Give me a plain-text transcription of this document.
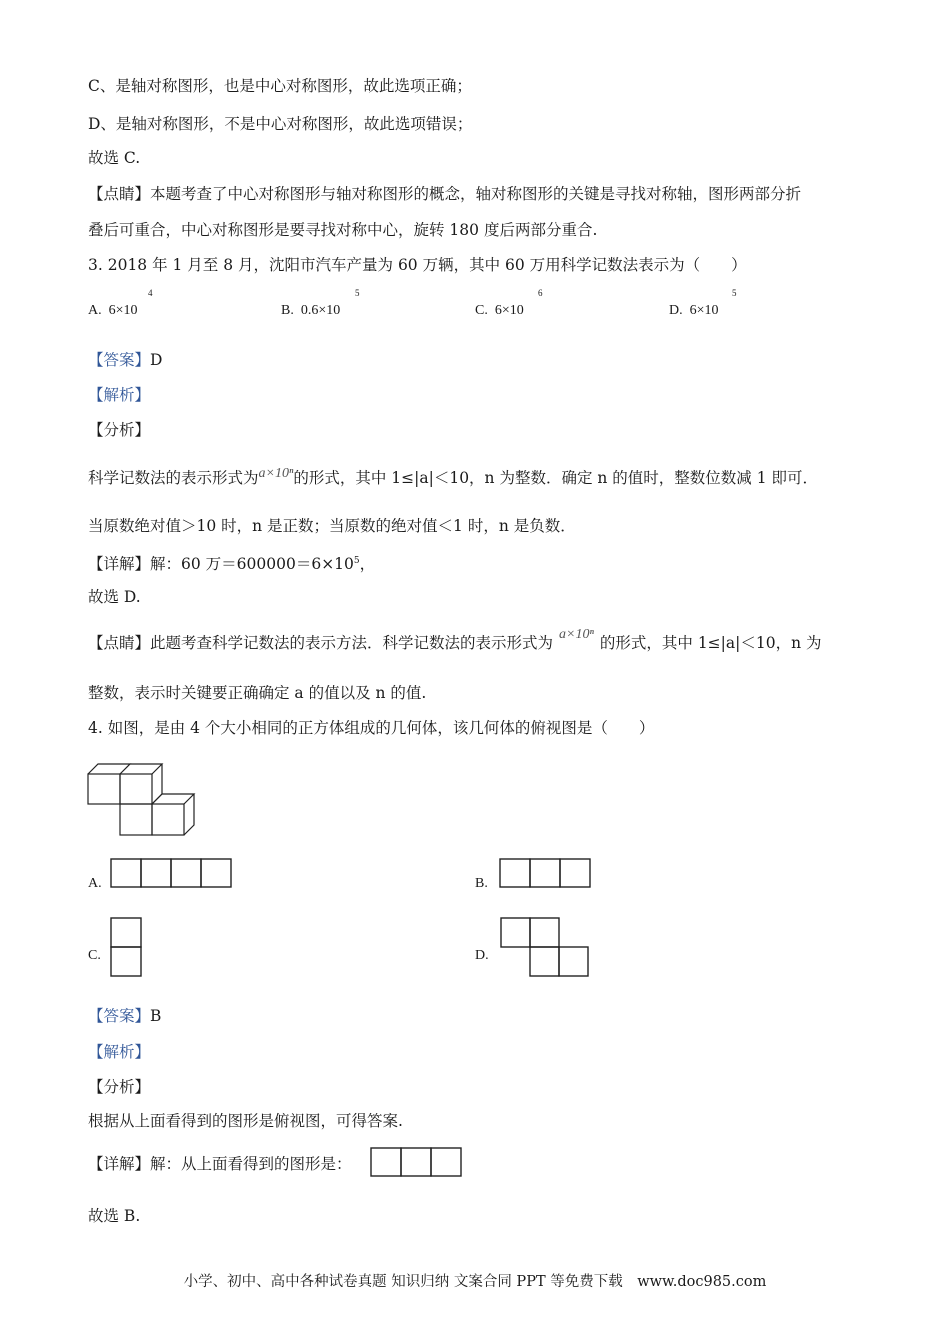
C、是轴对称图形，也是中心对称图形，故此选项正确；
D、是轴对称图形，不是中心对称图形，故此选项错误；
故选 C.
【点睛】本题考查了中心对称图形与轴对称图形的概念，轴对称图形的关键是寻找对称轴，图形两部分折
叠后可重合，中心对称图形是要寻找对称中心，旋转 180 度后两部分重合.
3. 2018 年 1 月至 8 月，沈阳市汽车产量为 60 万辆，其中 60 万用科学记数法表示为（　　）
A. 6×10
4
B. 0.6×10
5
C. 6×10
6
D. 6×10
5
【答案】D
【解析】
【分析】
科学记数法的表示形式为a×10ⁿ的形式，其中 1≤|a|＜10，n 为整数．确定 n 的值时，整数位数减 1 即可．
当原数绝对值＞10 时，n 是正数；当原数的绝对值＜1 时，n 是负数．
【详解】解：60 万$=600000=6\times 10^5$，
故选 D.
【点睛】此题考查科学记数法的表示方法．科学记数法的表示形式为 a×10ⁿ 的形式，其中 1≤|a|＜10，n 为
整数，表示时关键要正确确定 a 的值以及 n 的值.
4. 如图，是由 4 个大小相同的正方体组成的几何体，该几何体的俯视图是（　　）
A.	B.
C.	D.
【答案】B
【解析】
【分析】
根据从上面看得到的图形是俯视图，可得答案.
【详解】解：从上面看得到的图形是：
故选 B.
小学、初中、高中各种试卷真题 知识归纳 文案合同 PPT 等免费下载　www.doc985.com
